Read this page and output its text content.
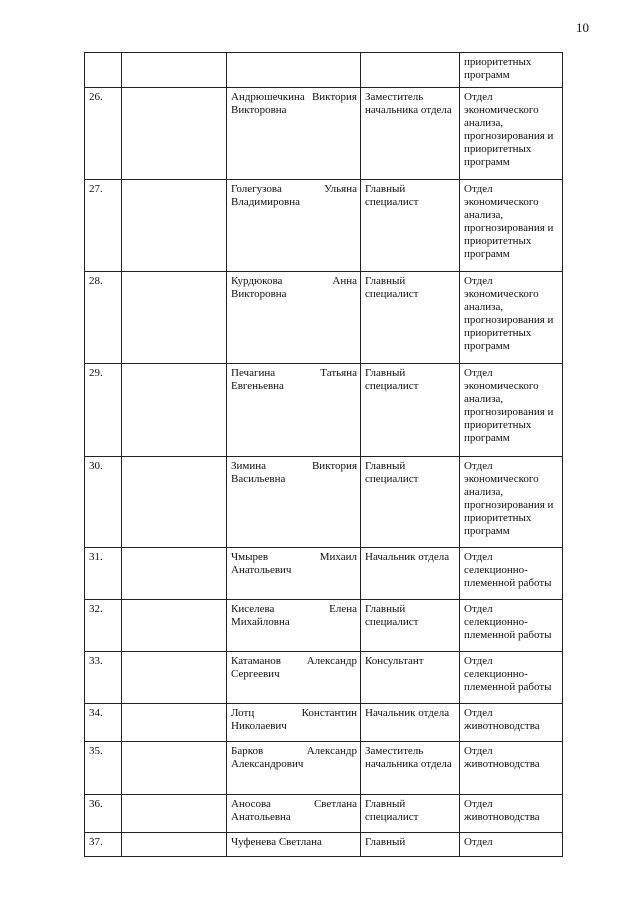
10
				приоритетных программ
26.		Андрюшечкина Виктория Викторовна	Заместитель начальника отдела	Отдел экономического анализа, прогнозирования и приоритетных программ
27.		Голегузова Ульяна Владимировна	Главный специалист	Отдел экономического анализа, прогнозирования и приоритетных программ
28.		Курдюкова Анна Викторовна	Главный специалист	Отдел экономического анализа, прогнозирования и приоритетных программ
29.		Печагина Татьяна Евгеньевна	Главный специалист	Отдел экономического анализа, прогнозирования и приоритетных программ
30.		Зимина Виктория Васильевна	Главный специалист	Отдел экономического анализа, прогнозирования и приоритетных программ
31.		Чмырев Михаил Анатольевич	Начальник отдела	Отдел селекционно-племенной работы
32.		Киселева Елена Михайловна	Главный специалист	Отдел селекционно-племенной работы
33.		Катаманов Александр Сергеевич	Консультант	Отдел селекционно-племенной работы
34.		Лотц Константин Николаевич	Начальник отдела	Отдел животноводства
35.		Барков Александр Александрович	Заместитель начальника отдела	Отдел животноводства
36.		Аносова Светлана Анатольевна	Главный специалист	Отдел животноводства
37.		Чуфенева Светлана	Главный	Отдел
